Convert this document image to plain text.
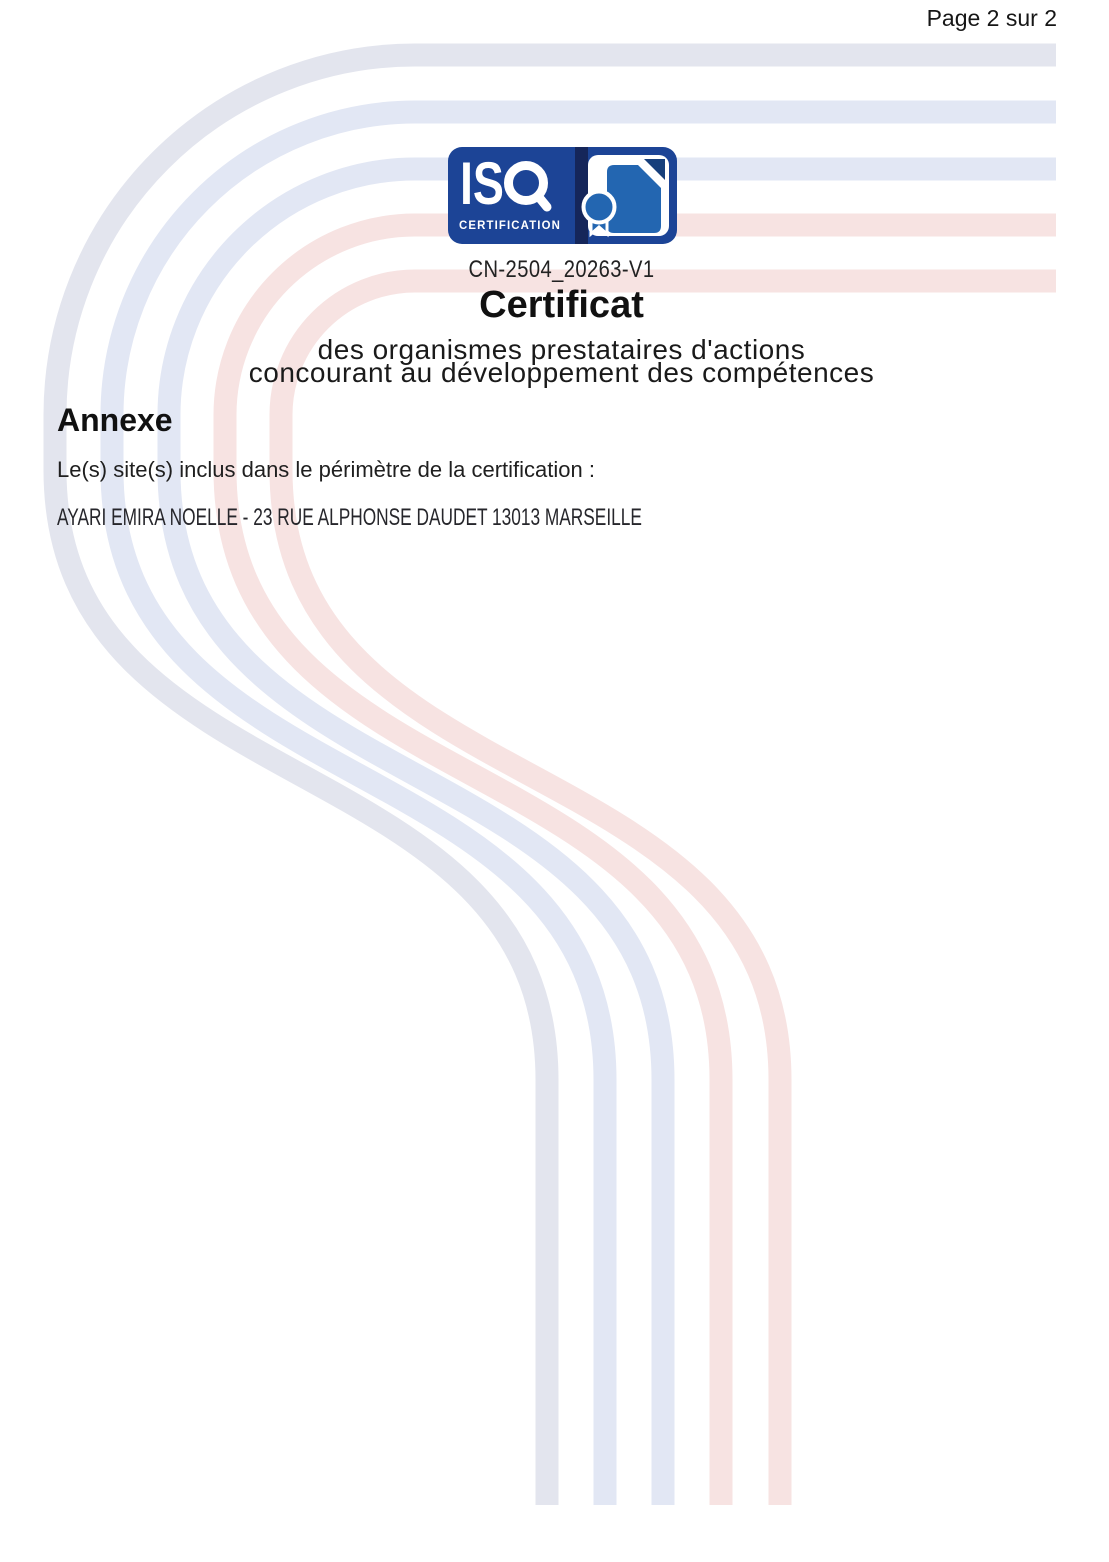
Page 2 sur 2
IS
CERTIFICATION
CN-2504_20263-V1
Certificat
des organismes prestataires d'actions
concourant au développement des compétences
Annexe
Le(s) site(s) inclus dans le périmètre de la certification :
AYARI EMIRA NOELLE - 23 RUE ALPHONSE DAUDET 13013 MARSEILLE
